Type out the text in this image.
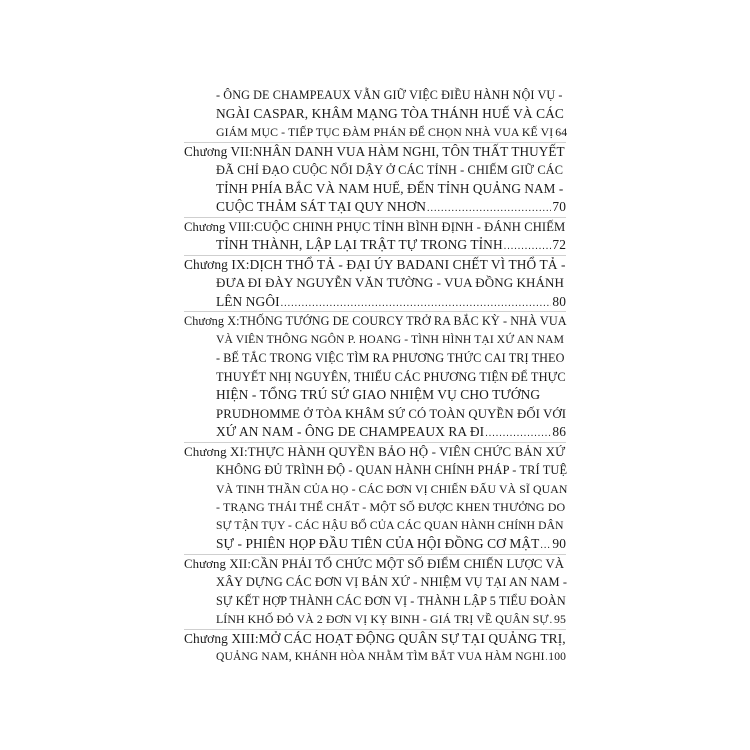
- ÔNG DE CHAMPEAUX VẪN GIỮ VIỆC ĐIỀU HÀNH NỘI VỤ -
NGÀI CASPAR, KHÂM MẠNG TÒA THÁNH HUẾ VÀ CÁC
GIÁM MỤC - TIẾP TỤC ĐÀM PHÁN ĐỂ CHỌN NHÀ VUA KẾ VỊ 64
Chương VII: NHÂN DANH VUA HÀM NGHI, TÔN THẤT THUYẾT
ĐÃ CHỈ ĐẠO CUỘC NỔI DẬY Ở CÁC TỈNH - CHIẾM GIỮ CÁC
TỈNH PHÍA BẮC VÀ NAM HUẾ, ĐẾN TỈNH QUẢNG NAM -
CUỘC THẢM SÁT TẠI QUY NHƠN .....	70
Chương VIII: CUỘC CHINH PHỤC TỈNH BÌNH ĐỊNH - ĐÁNH CHIẾM
TỈNH THÀNH, LẬP LẠI TRẬT TỰ TRONG TỈNH .....	72
Chương IX: DỊCH THỔ TẢ - ĐẠI ÚY BADANI CHẾT VÌ THỔ TẢ -
ĐƯA ĐI ĐÀY NGUYỄN VĂN TƯỜNG - VUA ĐỒNG KHÁNH
LÊN NGÔI .....	80
Chương X: THỐNG TƯỚNG DE COURCY TRỞ RA BẮC KỲ - NHÀ VUA
VÀ VIÊN THÔNG NGÔN P. HOANG - TÌNH HÌNH TẠI XỨ AN NAM
- BẾ TẮC TRONG VIỆC TÌM RA PHƯƠNG THỨC CAI TRỊ THEO
THUYẾT NHỊ NGUYÊN, THIẾU CÁC PHƯƠNG TIỆN ĐỂ THỰC
HIỆN - TỔNG TRÚ SỨ GIAO NHIỆM VỤ CHO TƯỚNG
PRUDHOMME Ở TÒA KHÂM SỨ CÓ TOÀN QUYỀN ĐỐI VỚI
XỨ AN NAM - ÔNG DE CHAMPEAUX RA ĐI .....	86
Chương XI: THỰC HÀNH QUYỀN BẢO HỘ - VIÊN CHỨC BẢN XỨ
KHÔNG ĐỦ TRÌNH ĐỘ - QUAN HÀNH CHÍNH PHÁP - TRÍ TUỆ
VÀ TINH THẦN CỦA HỌ - CÁC ĐƠN VỊ CHIẾN ĐẤU VÀ SĨ QUAN
- TRẠNG THÁI THỂ CHẤT - MỘT SỐ ĐƯỢC KHEN THƯỞNG DO
SỰ TẬN TỤY - CÁC HẬU BỔ CỦA CÁC QUAN HÀNH CHÍNH DÂN
SỰ - PHIÊN HỌP ĐẦU TIÊN CỦA HỘI ĐỒNG CƠ MẬT ..... 90
Chương XII: CẦN PHẢI TỔ CHỨC MỘT SỐ ĐIỂM CHIẾN LƯỢC VÀ
XÂY DỰNG CÁC ĐƠN VỊ BẢN XỨ - NHIỆM VỤ TẠI AN NAM -
SỰ KẾT HỢP THÀNH CÁC ĐƠN VỊ - THÀNH LẬP 5 TIỂU ĐOÀN
LÍNH KHỐ ĐỎ VÀ 2 ĐƠN VỊ KỴ BINH - GIÁ TRỊ VỀ QUÂN SỰ ..... 95
Chương XIII: MỞ CÁC HOẠT ĐỘNG QUÂN SỰ TẠI QUẢNG TRỊ,
QUẢNG NAM, KHÁNH HÒA NHẰM TÌM BẮT VUA HÀM NGHI ..... 100
